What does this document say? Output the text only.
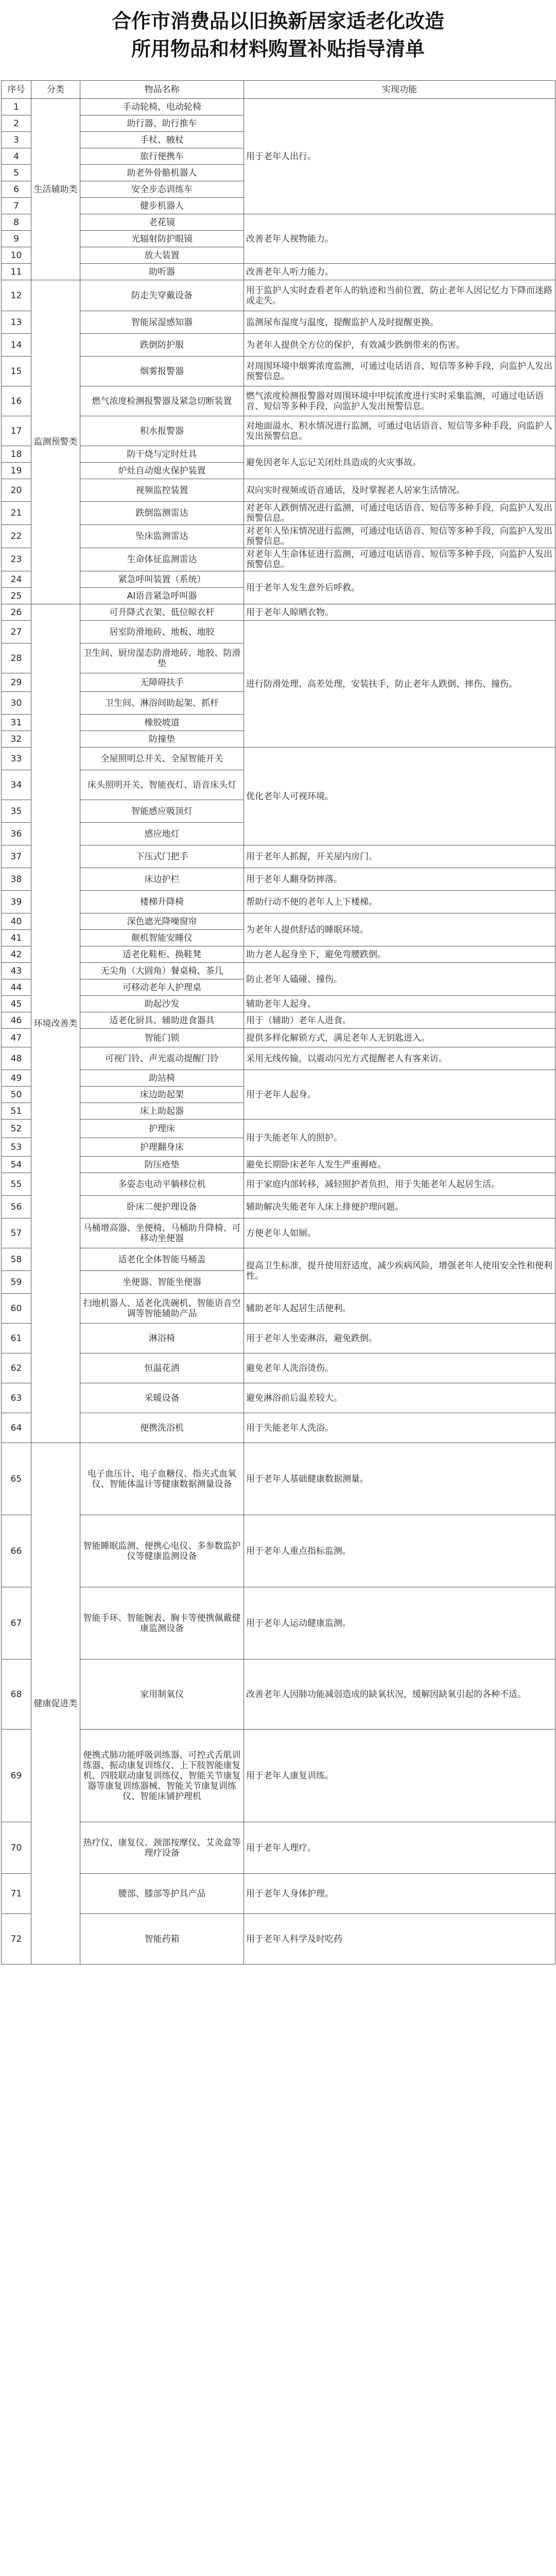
合作市消费品以旧换新居家适老化改造
所用物品和材料购置补贴指导清单
序号	分类	物品名称	实现功能
1	生活辅助类	手动轮椅、电动轮椅	用于老年人出行。
2		助行器、助行推车	
3		手杖、腋杖	
4		旅行便携车	
5		助老外骨骼机器人	
6		安全步态训练车	
7		健步机器人	
8		老花镜	改善老年人视物能力。
9		光辐射防护眼镜	
10		放大装置	
11		助听器	改善老年人听力能力。
12	监测预警类	防走失穿戴设备	用于监护人实时查看老年人的轨迹和当前位置，防止老年人因记忆力下降而迷路或走失。
13		智能尿湿感知器	监测尿布湿度与温度，提醒监护人及时提醒更换。
14		跌倒防护服	为老年人提供全方位的保护，有效减少跌倒带来的伤害。
15		烟雾报警器	对周围环境中烟雾浓度监测，可通过电话语音、短信等多种手段，向监护人发出预警信息。
16		燃气浓度检测报警器及紧急切断装置	燃气浓度检测报警器对周围环境中甲烷浓度进行实时采集监测，可通过电话语音、短信等多种手段，向监护人发出预警信息。
17		积水报警器	对地面溢水、积水情况进行监测，可通过电话语音、短信等多种手段，向监护人发出预警信息。
18		防干烧与定时灶具	避免因老年人忘记关闭灶具造成的火灾事故。
19		炉灶自动熄火保护装置	
20		视频监控装置	双向实时视频或语音通话，及时掌握老人居家生活情况。
21		跌倒监测雷达	对老年人跌倒情况进行监测，可通过电话语音、短信等多种手段，向监护人发出预警信息。
22		坠床监测雷达	对老年人坠床情况进行监测，可通过电话语音、短信等多种手段，向监护人发出预警信息。
23		生命体征监测雷达	对老年人生命体征进行监测，可通过电话语音、短信等多种手段，向监护人发出预警信息。
24		紧急呼叫装置（系统）	用于老年人发生意外后呼救。
25		AI语音紧急呼叫器	
26	环境改善类	可升降式衣架、低位晾衣杆	用于老年人晾晒衣物。
27		居室防滑地砖、地板、地胶	进行防滑处理、高差处理，安装扶手，防止老年人跌倒、摔伤、撞伤。
28		卫生间、厨房湿态防滑地砖、地胶、防滑垫	
29		无障碍扶手	
30		卫生间、淋浴间助起架、抓杆	
31		橡胶坡道	
32		防撞垫	
33		全屋照明总开关、全屋智能开关	优化老年人可视环境。
34		床头照明开关、智能夜灯、语音床头灯	
35		智能感应吸顶灯	
36		感应地灯	
37		下压式门把手	用于老年人抓握，开关屋内房门。
38		床边护栏	用于老年人翻身防摔落。
39		楼梯升降椅	帮助行动不便的老年人上下楼梯。
40		深色遮光降噪窗帘	为老年人提供舒适的睡眠环境。
41		颠机智能安睡仪	
42		适老化鞋柜、换鞋凳	助力老人起身坐下，避免弯腰跌倒。
43		无尖角（大圆角）餐桌椅、茶几	防止老年人磕碰、撞伤。
44		可移动老年人护理桌	
45		助起沙发	辅助老年人起身。
46		适老化厨具、辅助进食器具	用于（辅助）老年人进食。
47		智能门锁	提供多样化解锁方式，满足老年人无钥匙进入。
48		可视门铃、声光震动提醒门铃	采用无线传输，以震动闪光方式提醒老人有客来访。
49		助站椅	用于老年人起身。
50		床边助起架	
51		床上助起器	
52		护理床	用于失能老年人的照护。
53		护理翻身床	
54		防压疮垫	避免长期卧床老年人发生严重褥疮。
55		多姿态电动平躺移位机	用于家庭内部转移，减轻照护者负担，用于失能老年人起居生活。
56		卧床二便护理设备	辅助解决失能老年人床上排便护理问题。
57		马桶增高器、坐便椅、马桶助升降椅、可移动坐便器	方便老年人如厕。
58		适老化全体智能马桶盖	提高卫生标准，提升使用舒适度，减少疾病风险，增强老年人使用安全性和便利性。
59		坐便器、智能坐便器	
60		扫地机器人、适老化洗碗机、智能语音空调等智能辅助产品	辅助老年人起居生活便利。
61		淋浴椅	用于老年人坐姿淋浴，避免跌倒。
62		恒温花洒	避免老年人洗浴烫伤。
63		采暖设备	避免淋浴前后温差较大。
64		便携洗浴机	用于失能老年人洗浴。
65	健康促进类	电子血压计、电子血糖仪、指夹式血氧仪、智能体温计等健康数据测量设备	用于老年人基础健康数据测量。
66		智能睡眠监测、便携心电仪、多参数监护仪等健康监测设备	用于老年人重点指标监测。
67		智能手环、智能腕表、胸卡等便携佩戴健康监测设备	用于老年人运动健康监测。
68		家用制氧仪	改善老年人因肺功能减弱造成的缺氧状况，缓解因缺氧引起的各种不适。
69		便携式肺功能呼吸训练器、可控式舌肌训练器、振动康复训练仪、上下肢智能康复机、四肢联动康复训练仪、智能关节康复器等康复训练器械、智能关节康复训练仪、智能床铺护理机	用于老年人康复训练。
70		热疗仪、康复仪、颈部按摩仪、艾灸盒等理疗设备	用于老年人理疗。
71		腰部、膝部等护具产品	用于老年人身体护理。
72		智能药箱	用于老年人科学及时吃药
